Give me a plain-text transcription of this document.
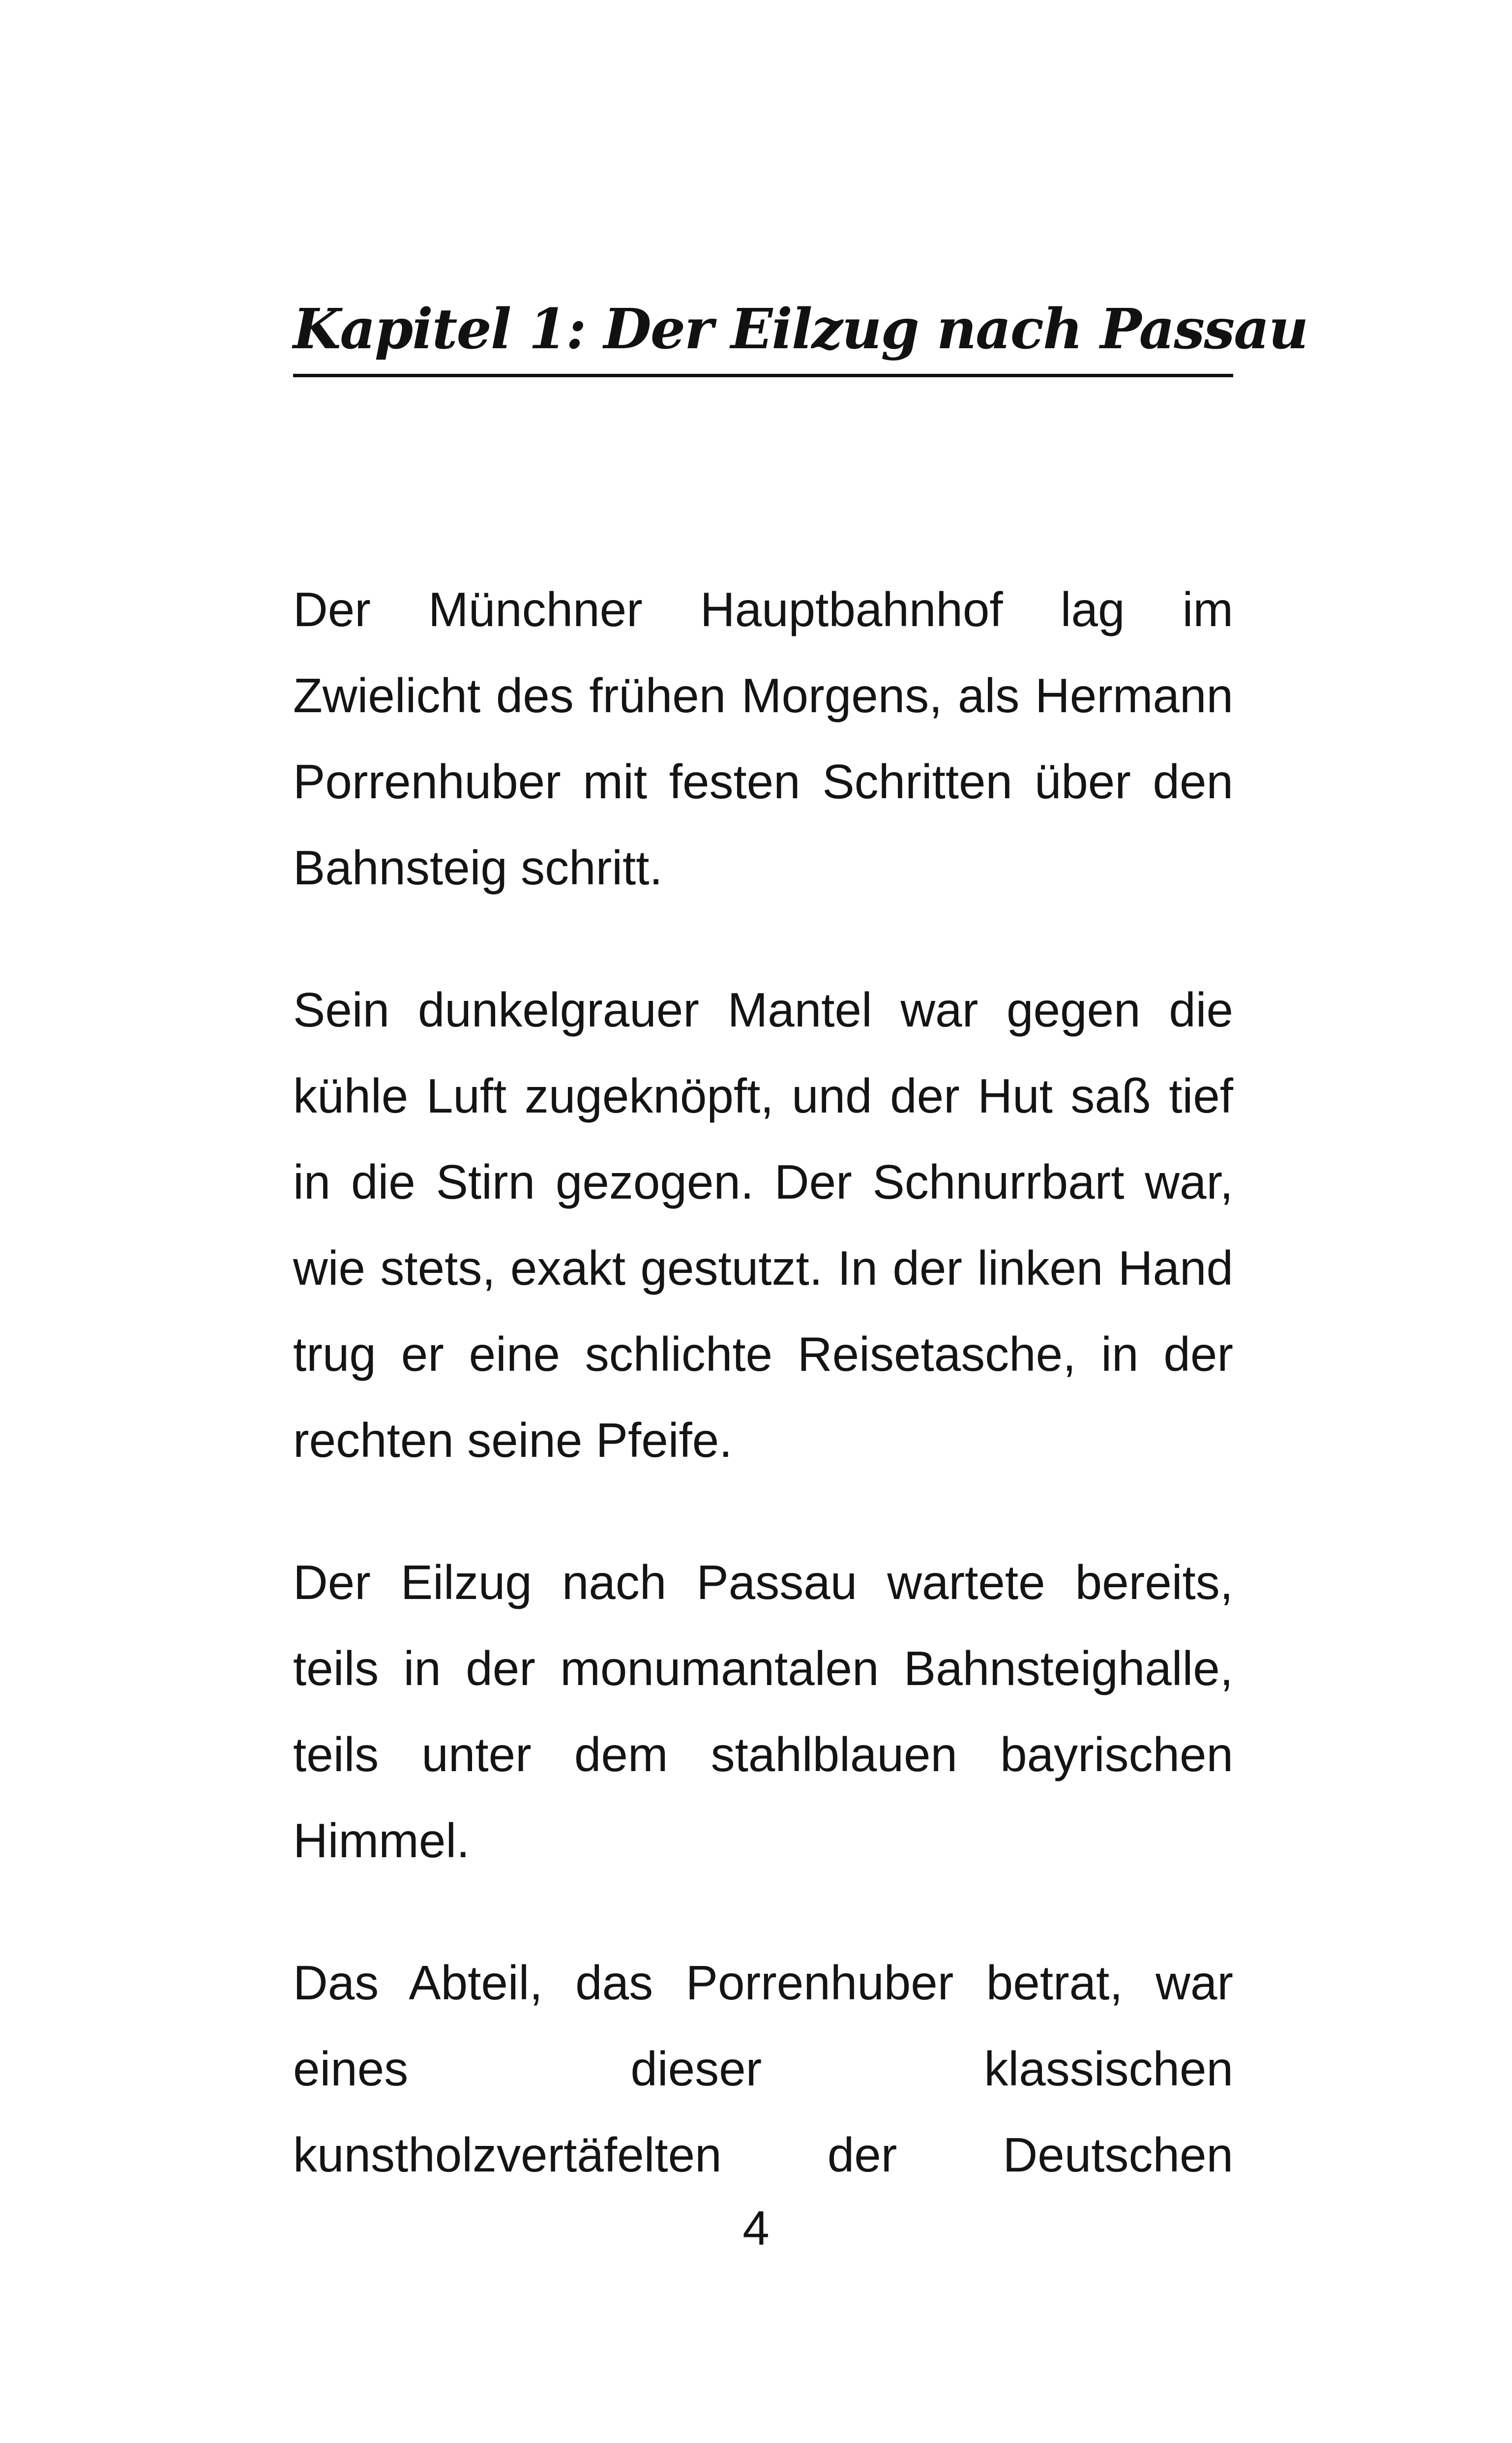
Kapitel 1: Der Eilzug nach Passau

Der Münchner Hauptbahnhof lag im Zwielicht des frühen Morgens, als Hermann Porrenhuber mit festen Schritten über den Bahnsteig schritt.

Sein dunkelgrauer Mantel war gegen die kühle Luft zugeknöpft, und der Hut saß tief in die Stirn gezogen. Der Schnurrbart war, wie stets, exakt gestutzt. In der linken Hand trug er eine schlichte Reisetasche, in der rechten seine Pfeife.

Der Eilzug nach Passau wartete bereits, teils in der monumantalen Bahnsteighalle, teils unter dem stahlblauen bayrischen Himmel.

Das Abteil, das Porrenhuber betrat, war eines dieser klassischen kunstholzvertäfelten der Deutschen

4
